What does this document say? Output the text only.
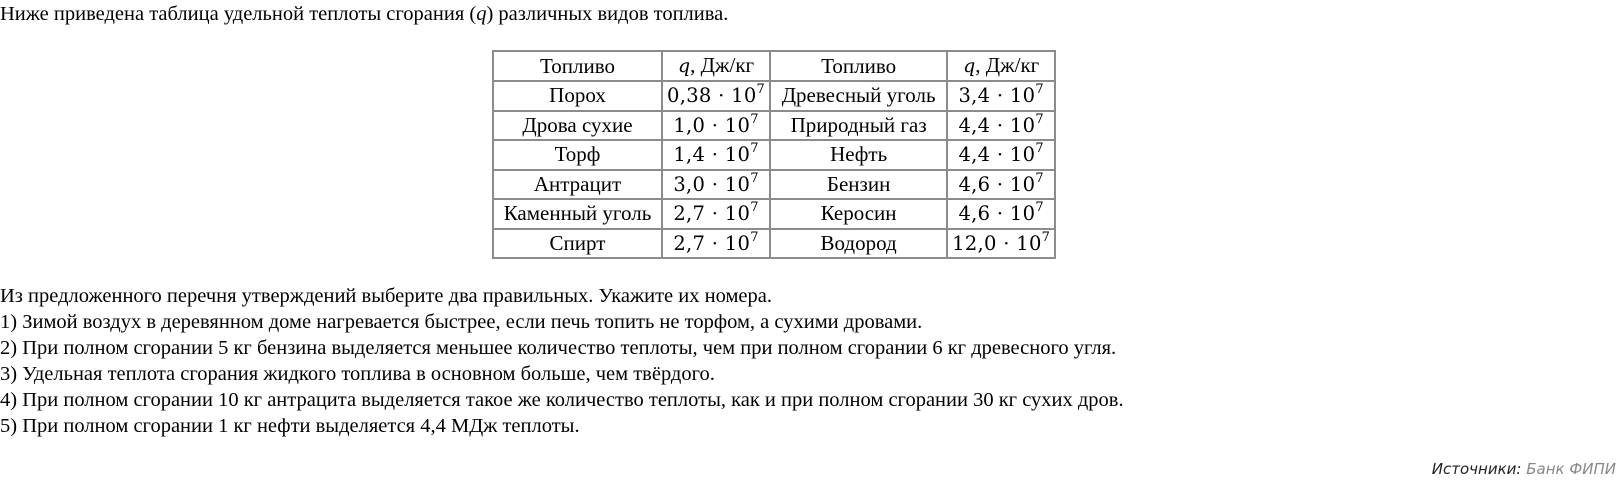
Ниже приведена таблица удельной теплоты сгорания (q) различных видов топлива.
Топливо	q, Дж/кг	Топливо	q, Дж/кг
Порох	$0,38 \cdot 10^7$	Древесный уголь	$3,4 \cdot 10^7$
Дрова сухие	$1,0 \cdot 10^7$	Природный газ	$4,4 \cdot 10^7$
Торф	$1,4 \cdot 10^7$	Нефть	$4,4 \cdot 10^7$
Антрацит	$3,0 \cdot 10^7$	Бензин	$4,6 \cdot 10^7$
Каменный уголь	$2,7 \cdot 10^7$	Керосин	$4,6 \cdot 10^7$
Спирт	$2,7 \cdot 10^7$	Водород	$12,0 \cdot 10^7$
Из предложенного перечня утверждений выберите два правильных. Укажите их номера.
1) Зимой воздух в деревянном доме нагревается быстрее, если печь топить не торфом, а сухими дровами.
2) При полном сгорании 5 кг бензина выделяется меньшее количество теплоты, чем при полном сгорании 6 кг древесного угля.
3) Удельная теплота сгорания жидкого топлива в основном больше, чем твёрдого.
4) При полном сгорании 10 кг антрацита выделяется такое же количество теплоты, как и при полном сгорании 30 кг сухих дров.
5) При полном сгорании 1 кг нефти выделяется 4,4 МДж теплоты.
Источники: Банк ФИПИ
